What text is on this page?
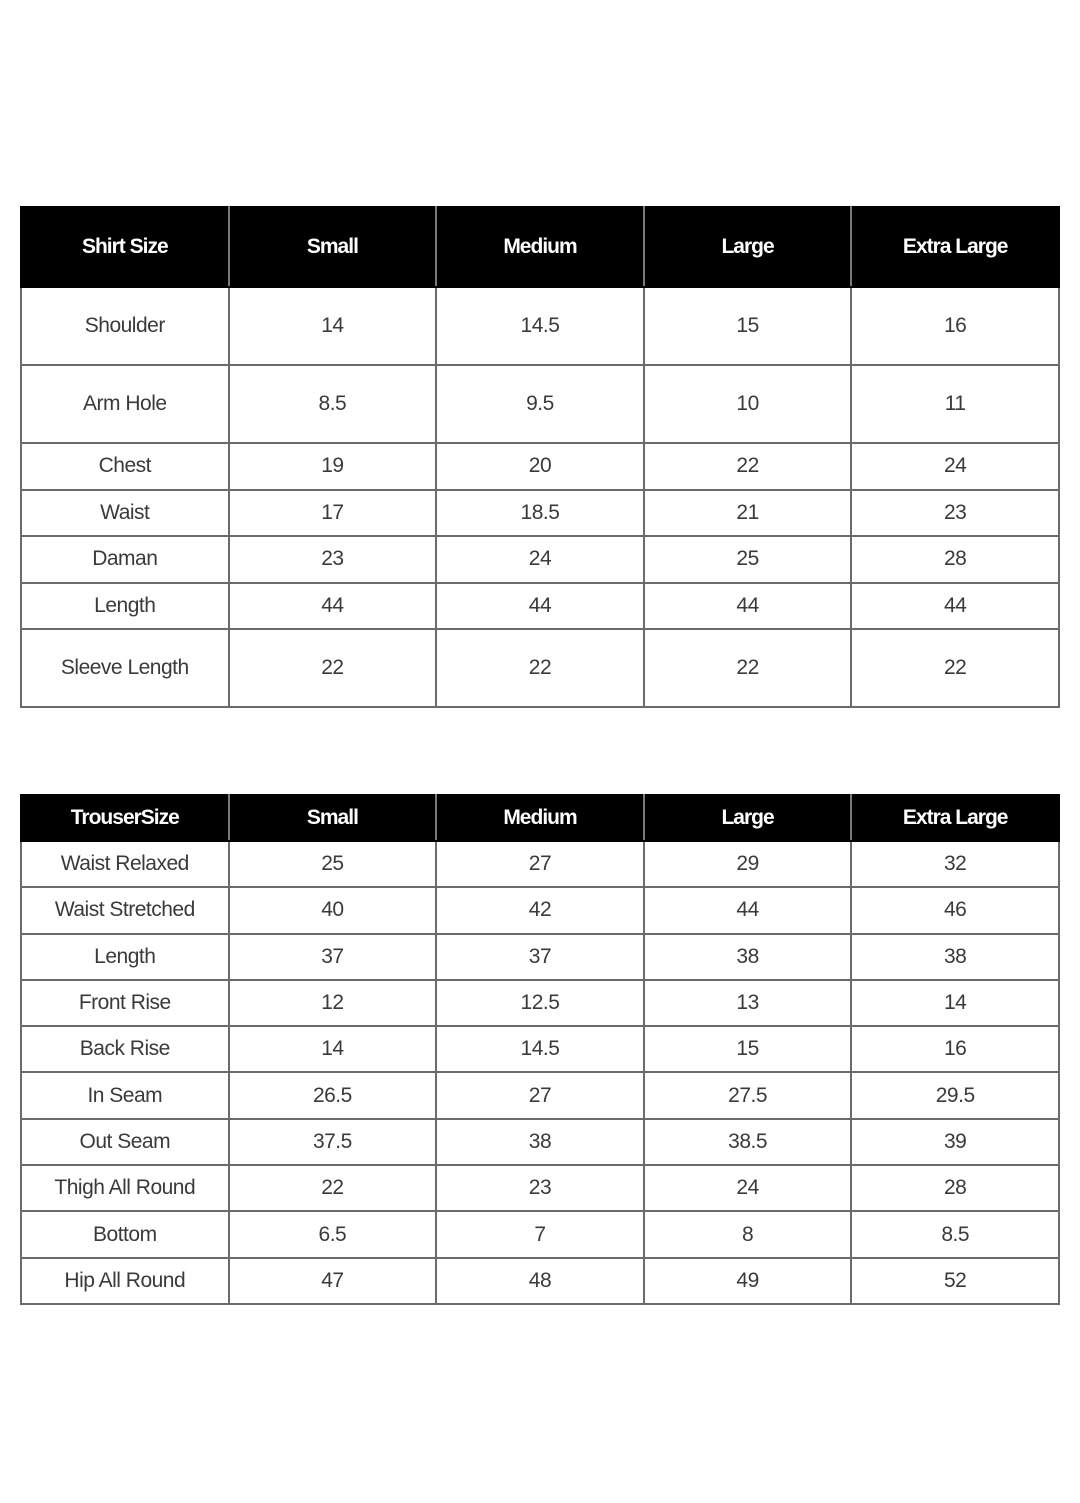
Shirt Size	Small	Medium	Large	Extra Large
Shoulder	14	14.5	15	16
Arm Hole	8.5	9.5	10	11
Chest	19	20	22	24
Waist	17	18.5	21	23
Daman	23	24	25	28
Length	44	44	44	44
Sleeve Length	22	22	22	22
TrouserSize	Small	Medium	Large	Extra Large
Waist Relaxed	25	27	29	32
Waist Stretched	40	42	44	46
Length	37	37	38	38
Front Rise	12	12.5	13	14
Back Rise	14	14.5	15	16
In Seam	26.5	27	27.5	29.5
Out Seam	37.5	38	38.5	39
Thigh All Round	22	23	24	28
Bottom	6.5	7	8	8.5
Hip All Round	47	48	49	52
